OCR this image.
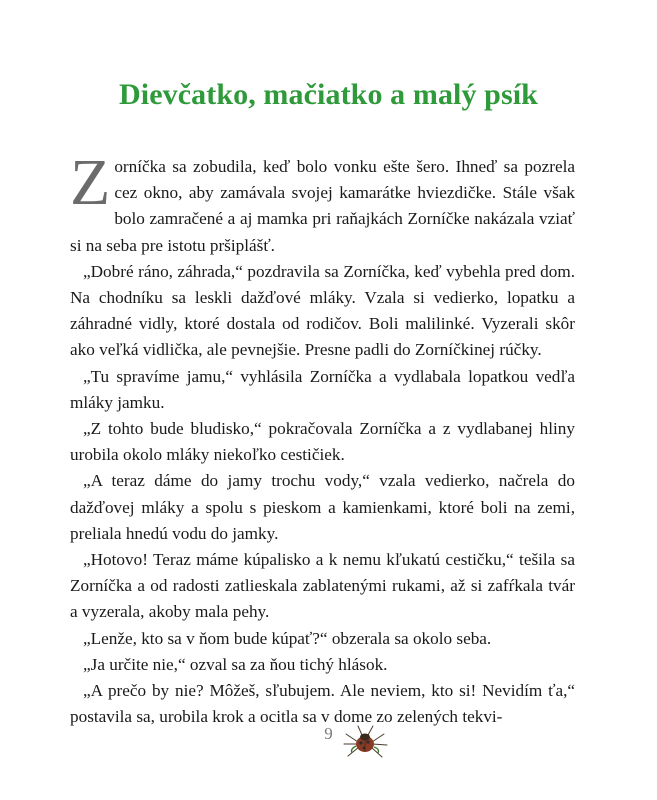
Dievčatko, mačiatko a malý psík

Zorníčka sa zobudila, keď bolo vonku ešte šero. Ihneď sa pozrela cez okno, aby zamávala svojej kamarátke hviezdičke. Stále však bolo zamračené a aj mamka pri raňajkách Zorníčke nakázala vziať si na seba pre istotu pršiplášť.

„Dobré ráno, záhrada,“ pozdravila sa Zorníčka, keď vybehla pred dom. Na chodníku sa leskli dažďové mláky. Vzala si vedierko, lopatku a záhradné vidly, ktoré dostala od rodičov. Boli malilinké. Vyzerali skôr ako veľká vidlička, ale pevnejšie. Presne padli do Zorníčkinej rúčky.

„Tu spravíme jamu,“ vyhlásila Zorníčka a vydlabala lopatkou vedľa mláky jamku.

„Z tohto bude bludisko,“ pokračovala Zorníčka a z vydlabanej hliny urobila okolo mláky niekoľko cestičiek.

„A teraz dáme do jamy trochu vody,“ vzala vedierko, načrela do dažďovej mláky a spolu s pieskom a kamienkami, ktoré boli na zemi, preliala hnedú vodu do jamky.

„Hotovo! Teraz máme kúpalisko a k nemu kľukatú cestičku,“ tešila sa Zorníčka a od radosti zatlieskala zablatenými rukami, až si zafŕkala tvár a vyzerala, akoby mala pehy.

„Lenže, kto sa v ňom bude kúpať?“ obzerala sa okolo seba.

„Ja určite nie,“ ozval sa za ňou tichý hlások.

„A prečo by nie? Môžeš, sľubujem. Ale neviem, kto si! Nevidím ťa,“ postavila sa, urobila krok a ocitla sa v dome zo zelených tekvi-

9
